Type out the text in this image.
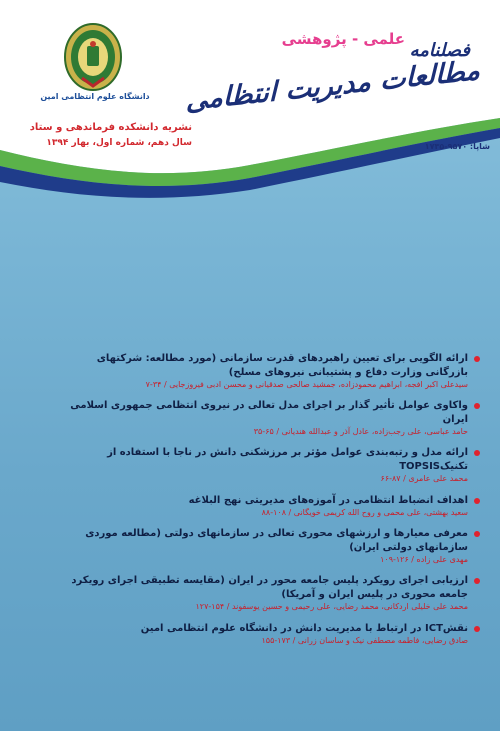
دانشگاه علوم انتظامی امین
علمی - پژوهشی
فصلنامه
مطالعات مدیریت انتظامی
شاپا: ۹۵۷۰-۱۷۳۵
نشریه دانشکده فرماندهی و ستاد
سال دهم، شماره اول، بهار ۱۳۹۴
ارائه الگویی برای تعیین راهبردهای قدرت سازمانی (مورد مطالعه: شرکتهای بازرگانی وزارت دفاع و پشتیبانی نیروهای مسلح)
سیدعلی اکبر افجه، ابراهیم محمودزاده، جمشید صالحی صدقیانی و محسن ادبی فیروزجایی / ۳۴-۷
واکاوی عوامل تأثیر گذار بر اجرای مدل تعالی در نیروی انتظامی جمهوری اسلامی ایران
حامد عباسی، علی رجب‌زاده، عادل آذر و عبدالله هندیانی / ۶۵-۳۵
ارائه مدل و رتبه‌بندی عوامل مؤثر بر مرزشکنی دانش در ناجا با استفاده از تکنیکTOPSIS
محمد علی عامری / ۸۷-۶۶
اهداف انضباط انتظامی در آموزه‌های مدیریتی نهج البلاغه
سعید بهشتی، علی محمی و روح الله کریمی خویگانی / ۱۰۸-۸۸
معرفی معیارها و ارزشهای محوری تعالی در سازمانهای دولتی (مطالعه موردی سازمانهای دولتی ایران)
مهدی علی زاده / ۱۲۶-۱۰۹
ارزیابی اجرای رویکرد پلیس جامعه محور در ایران (مقایسه تطبیقی اجرای رویکرد جامعه محوری در پلیس ایران و آمریکا)
محمد علی خلیلی اردکانی، محمد رضایی، علی رحیمی و حسین یوسفوند / ۱۵۴-۱۲۷
نقشICT در ارتباط با مدیریت دانش در دانشگاه علوم انتظامی امین
صادق رضایی، فاطمه مصطفی نیک و ساسان زرانی / ۱۷۳-۱۵۵
